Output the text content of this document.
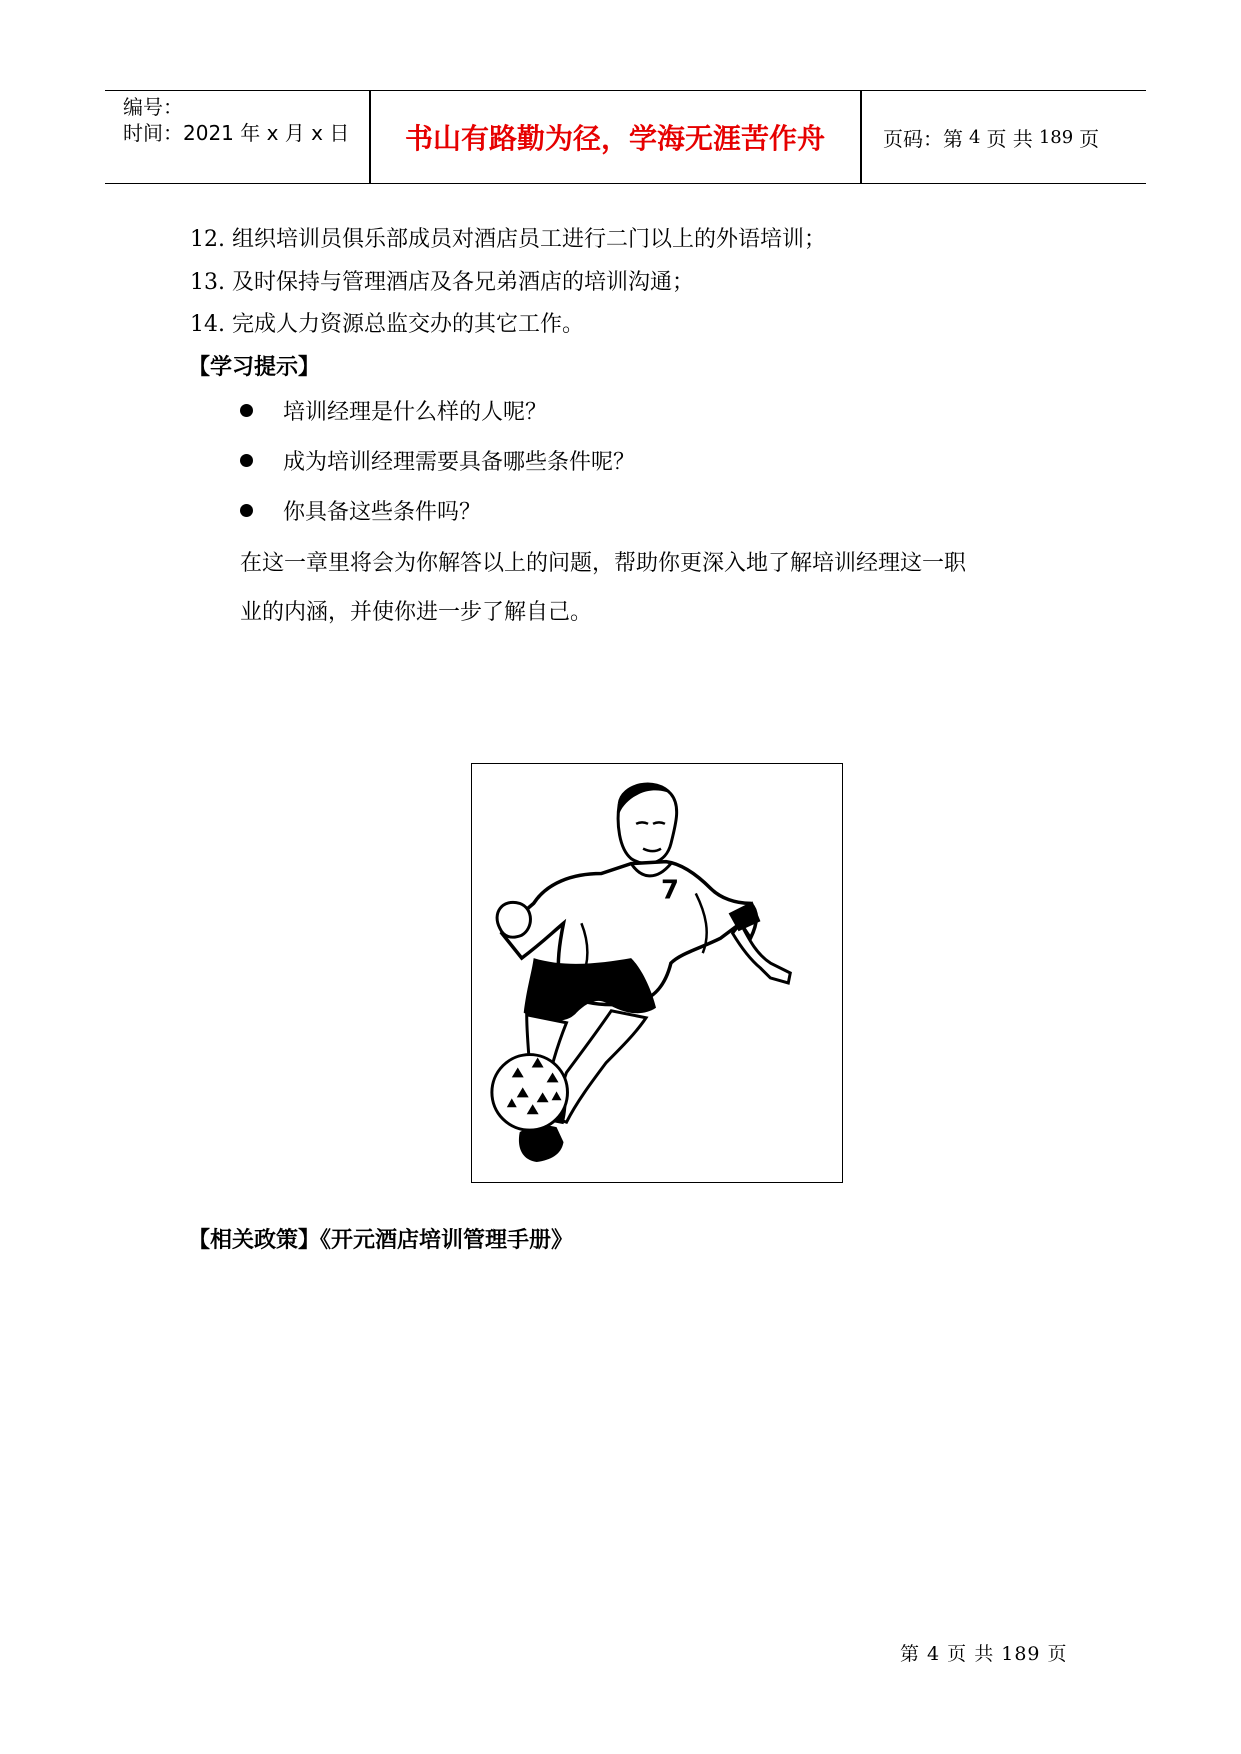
编号：
时间：2021 年 x 月 x 日	书山有路勤为径，学海无涯苦作舟	页码：第 4 页 共 189 页
12. 组织培训员俱乐部成员对酒店员工进行二门以上的外语培训；
13. 及时保持与管理酒店及各兄弟酒店的培训沟通；
14. 完成人力资源总监交办的其它工作。
【学习提示】
培训经理是什么样的人呢？
成为培训经理需要具备哪些条件呢？
你具备这些条件吗？
在这一章里将会为你解答以上的问题，帮助你更深入地了解培训经理这一职
业的内涵，并使你进一步了解自己。
7
【相关政策】《开元酒店培训管理手册》
第 4 页 共 189 页
